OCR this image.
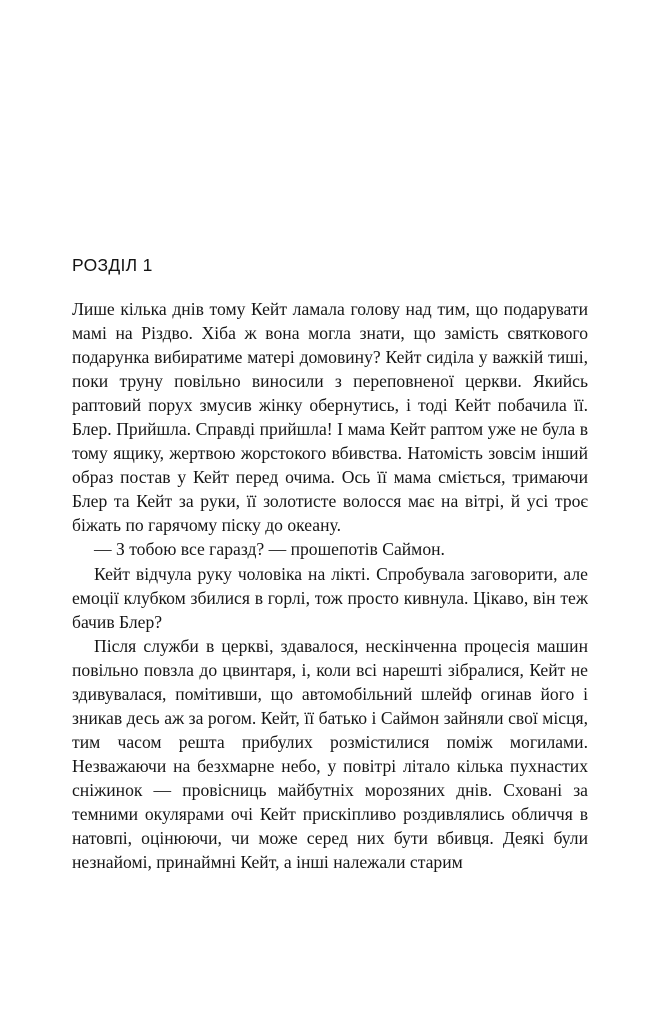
РОЗДІЛ 1

Лише кілька днів тому Кейт ламала голову над тим, що подарувати мамі на Різдво. Хіба ж вона могла знати, що замість святкового подарунка вибиратиме матері домовину? Кейт сиділа у важкій тиші, поки труну повільно виносили з переповненої церкви. Якийсь раптовий порух змусив жінку обернутись, і тоді Кейт побачила її. Блер. Прийшла. Справді прийшла! І мама Кейт раптом уже не була в тому ящику, жертвою жорстокого вбивства. Натомість зовсім інший образ постав у Кейт перед очима. Ось її мама сміється, тримаючи Блер та Кейт за руки, її золотисте волосся має на вітрі, й усі троє біжать по гарячому піску до океану.

— З тобою все гаразд? — прошепотів Саймон.

Кейт відчула руку чоловіка на лікті. Спробувала заговорити, але емоції клубком збилися в горлі, тож просто кивнула. Цікаво, він теж бачив Блер?

Після служби в церкві, здавалося, нескінченна процесія машин повільно повзла до цвинтаря, і, коли всі нарешті зібралися, Кейт не здивувалася, помітивши, що автомобільний шлейф огинав його і зникав десь аж за рогом. Кейт, її батько і Саймон зайняли свої місця, тим часом решта прибулих розмістилися поміж могилами. Незважаючи на безхмарне небо, у повітрі літало кілька пухнастих сніжинок — провісниць майбутніх морозяних днів. Сховані за темними окулярами очі Кейт прискіпливо роздивлялись обличчя в натовпі, оцінюючи, чи може серед них бути вбивця. Деякі були незнайомі, принаймні Кейт, а інші належали старим
